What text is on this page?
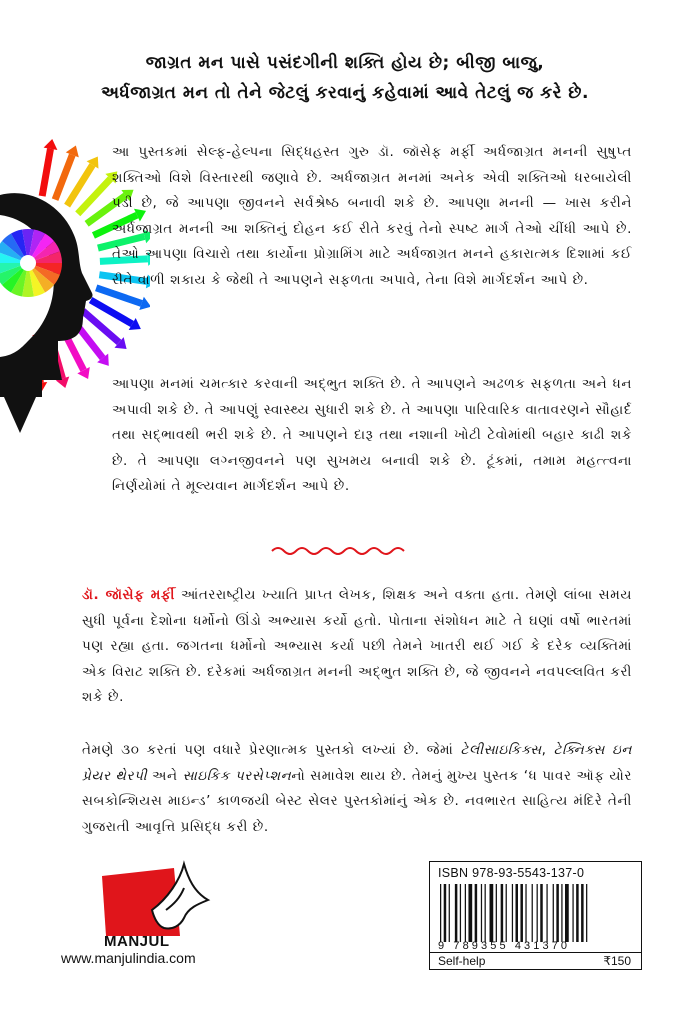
જાગ્રત મન પાસે પસંદગીની શક્તિ હોય છે; બીજી બાજુ,
અર્ધજાગ્રત મન તો તેને જેટલું કરવાનું કહેવામાં આવે તેટલું જ કરે છે.

આ પુસ્તકમાં સેલ્ફ-હેલ્પના સિદ્ધહસ્ત ગુરુ ડૉ. જૉસેફ મર્ફી અર્ધજાગ્રત મનની સુષુપ્ત શક્તિઓ વિશે વિસ્તારથી જણાવે છે. અર્ધજાગ્રત મનમાં અનેક એવી શક્તિઓ ધરબાયેલી પડી છે, જે આપણા જીવનને સર્વશ્રેષ્ઠ બનાવી શકે છે. આપણા મનની — ખાસ કરીને અર્ધજાગ્રત મનની આ શક્તિનું દોહન કઈ રીતે કરવું તેનો સ્પષ્ટ માર્ગ તેઓ ચીંધી આપે છે. તેઓ આપણા વિચારો તથા કાર્યોના પ્રોગ્રામિંગ માટે અર્ધજાગ્રત મનને હકારાત્મક દિશામાં કઈ રીતે વાળી શકાય કે જેથી તે આપણને સફળતા અપાવે, તેના વિશે માર્ગદર્શન આપે છે.

આપણા મનમાં ચમત્કાર કરવાની અદ્ભુત શક્તિ છે. તે આપણને અઢળક સફળતા અને ધન અપાવી શકે છે. તે આપણું સ્વાસ્થ્ય સુધારી શકે છે. તે આપણા પારિવારિક વાતાવરણને સૌહાર્દ તથા સદ્ભાવથી ભરી શકે છે. તે આપણને દારૂ તથા નશાની ખોટી ટેવોમાંથી બહાર કાઢી શકે છે. તે આપણા લગ્નજીવનને પણ સુખમય બનાવી શકે છે. ટૂંકમાં, તમામ મહત્ત્વના નિર્ણયોમાં તે મૂલ્યવાન માર્ગદર્શન આપે છે.

ડૉ. જૉસેફ મર્ફી આંતરરાષ્ટ્રીય ખ્યાતિ પ્રાપ્ત લેખક, શિક્ષક અને વક્તા હતા. તેમણે લાંબા સમય સુધી પૂર્વના દેશોના ધર્મોનો ઊંડો અભ્યાસ કર્યો હતો. પોતાના સંશોધન માટે તે ઘણાં વર્ષો ભારતમાં પણ રહ્યા હતા. જગતના ધર્મોનો અભ્યાસ કર્યા પછી તેમને ખાતરી થઈ ગઈ કે દરેક વ્યક્તિમાં એક વિરાટ શક્તિ છે. દરેકમાં અર્ધજાગ્રત મનની અદ્ભુત શક્તિ છે, જે જીવનને નવપલ્લવિત કરી શકે છે.

તેમણે ૩૦ કરતાં પણ વધારે પ્રેરણાત્મક પુસ્તકો લખ્યાં છે. જેમાં ટેલીસાઇકિક્સ, ટેક્નિક્સ ઇન પ્રેયર થેરપી અને સાઇકિક પરસેપ્શનનો સમાવેશ થાય છે. તેમનું મુખ્ય પુસ્તક ‘ધ પાવર ઑફ યોર સબકોન્શિયસ માઇન્ડ’ કાળજયી બેસ્ટ સેલર પુસ્તકોમાંનું એક છે. નવભારત સાહિત્ય મંદિરે તેની ગુજરાતી આવૃત્તિ પ્રસિદ્ધ કરી છે.

MANJUL
www.manjulindia.com
ISBN 978-93-5543-137-0
9 789355 431370
Self-help	₹150
